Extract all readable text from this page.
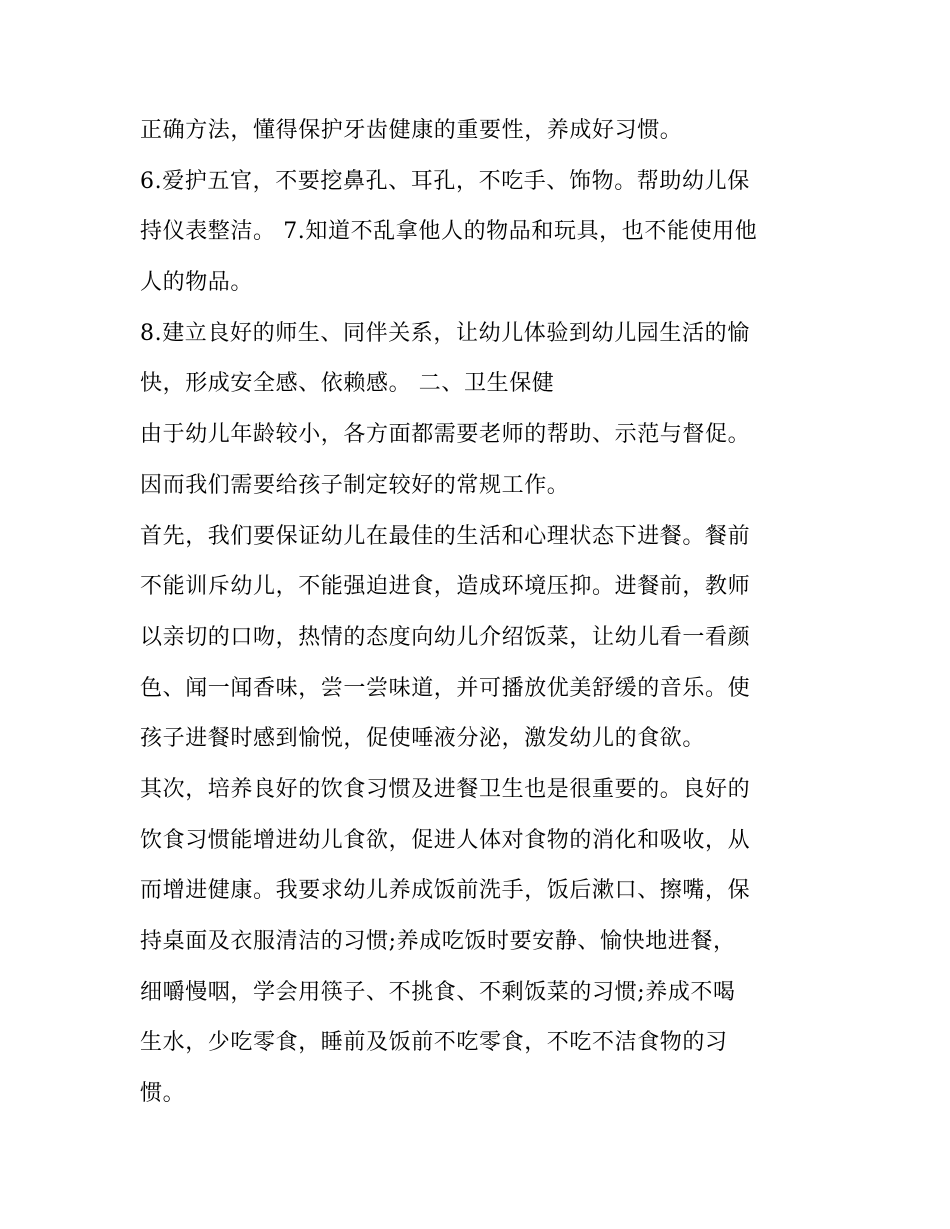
正确方法，懂得保护牙齿健康的重要性，养成好习惯。
6.爱护五官，不要挖鼻孔、耳孔，不吃手、饰物。帮助幼儿保
持仪表整洁。 7.知道不乱拿他人的物品和玩具，也不能使用他
人的物品。
8.建立良好的师生、同伴关系，让幼儿体验到幼儿园生活的愉
快，形成安全感、依赖感。 二、卫生保健
由于幼儿年龄较小，各方面都需要老师的帮助、示范与督促。
因而我们需要给孩子制定较好的常规工作。
首先，我们要保证幼儿在最佳的生活和心理状态下进餐。餐前
不能训斥幼儿，不能强迫进食，造成环境压抑。进餐前，教师
以亲切的口吻，热情的态度向幼儿介绍饭菜，让幼儿看一看颜
色、闻一闻香味，尝一尝味道，并可播放优美舒缓的音乐。使
孩子进餐时感到愉悦，促使唾液分泌，激发幼儿的食欲。
其次，培养良好的饮食习惯及进餐卫生也是很重要的。良好的
饮食习惯能增进幼儿食欲，促进人体对食物的消化和吸收，从
而增进健康。我要求幼儿养成饭前洗手，饭后漱口、擦嘴，保
持桌面及衣服清洁的习惯;养成吃饭时要安静、愉快地进餐，
细嚼慢咽，学会用筷子、不挑食、不剩饭菜的习惯;养成不喝
生水，少吃零食，睡前及饭前不吃零食，不吃不洁食物的习
惯。
